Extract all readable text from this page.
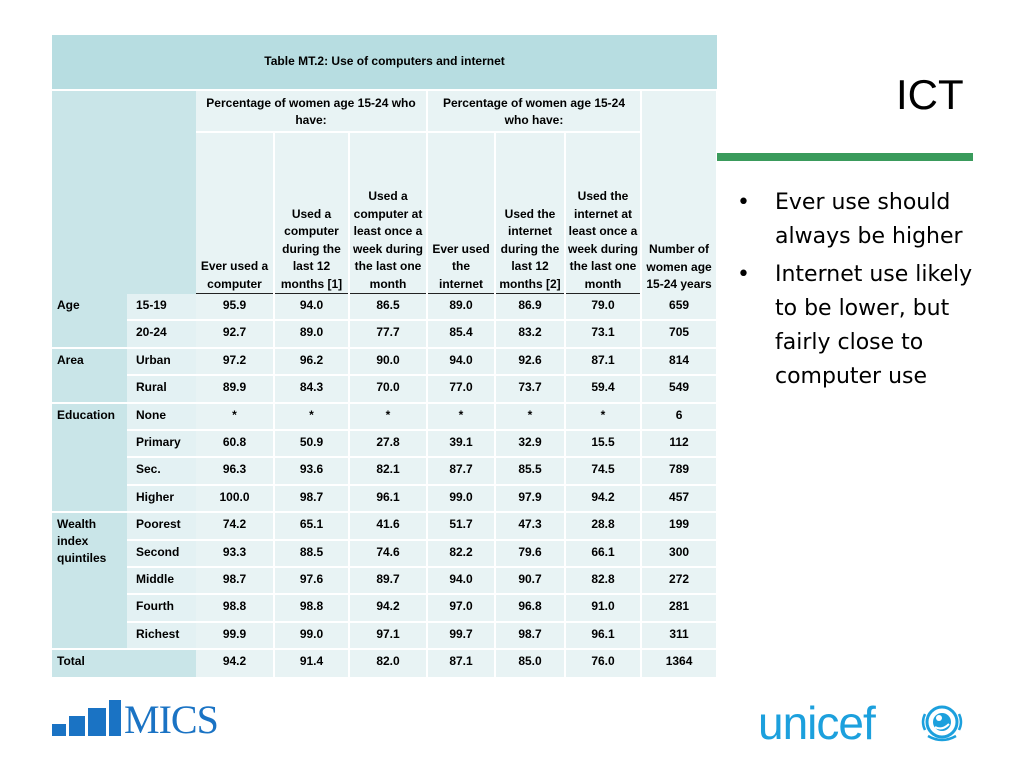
Table MT.2: Use of computers and internet								
		Percentage of women age 15-24 who have:			Percentage of women age 15-24 who have:			Number of women age 15-24 years
		Ever used a computer	Used a computer during the last 12 months [1]	Used a computer at least once a week during the last one month	Ever used the internet	Used the internet during the last 12 months [2]	Used the internet at least once a week during the last one month	
Age	15-19	95.9	94.0	86.5	89.0	86.9	79.0	659
	20-24	92.7	89.0	77.7	85.4	83.2	73.1	705
Area	Urban	97.2	96.2	90.0	94.0	92.6	87.1	814
	Rural	89.9	84.3	70.0	77.0	73.7	59.4	549
Education	None	*	*	*	*	*	*	6
	Primary	60.8	50.9	27.8	39.1	32.9	15.5	112
	Sec.	96.3	93.6	82.1	87.7	85.5	74.5	789
	Higher	100.0	98.7	96.1	99.0	97.9	94.2	457
Wealth index quintiles	Poorest	74.2	65.1	41.6	51.7	47.3	28.8	199
	Second	93.3	88.5	74.6	82.2	79.6	66.1	300
	Middle	98.7	97.6	89.7	94.0	90.7	82.8	272
	Fourth	98.8	98.8	94.2	97.0	96.8	91.0	281
	Richest	99.9	99.0	97.1	99.7	98.7	96.1	311
Total		94.2	91.4	82.0	87.1	85.0	76.0	1364
ICT
• Ever use should always be higher
• Internet use likely to be lower, but fairly close to computer use
MICS	unicef
